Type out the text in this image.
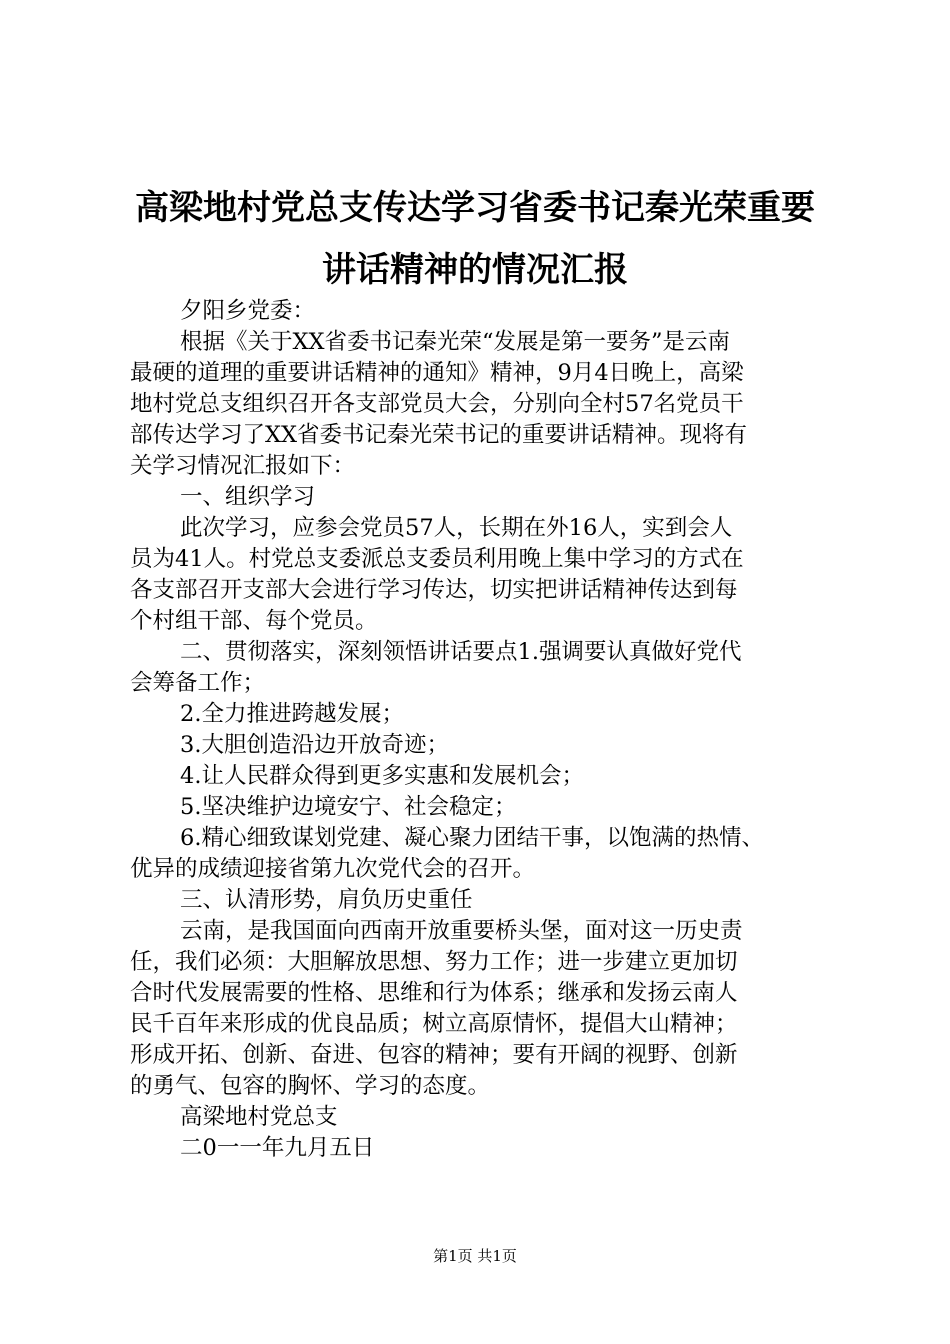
高梁地村党总支传达学习省委书记秦光荣重要
讲话精神的情况汇报
夕阳乡党委：
根据《关于XX省委书记秦光荣“发展是第一要务”是云南
最硬的道理的重要讲话精神的通知》精神，9月4日晚上，高梁
地村党总支组织召开各支部党员大会，分别向全村57名党员干
部传达学习了XX省委书记秦光荣书记的重要讲话精神。现将有
关学习情况汇报如下：
一、组织学习
此次学习，应参会党员57人，长期在外16人，实到会人
员为41人。村党总支委派总支委员利用晚上集中学习的方式在
各支部召开支部大会进行学习传达，切实把讲话精神传达到每
个村组干部、每个党员。
二、贯彻落实，深刻领悟讲话要点1.强调要认真做好党代
会筹备工作；
2.全力推进跨越发展；
3.大胆创造沿边开放奇迹；
4.让人民群众得到更多实惠和发展机会；
5.坚决维护边境安宁、社会稳定；
6.精心细致谋划党建、凝心聚力团结干事，以饱满的热情、
优异的成绩迎接省第九次党代会的召开。
三、认清形势，肩负历史重任
云南，是我国面向西南开放重要桥头堡，面对这一历史责
任，我们必须：大胆解放思想、努力工作；进一步建立更加切
合时代发展需要的性格、思维和行为体系；继承和发扬云南人
民千百年来形成的优良品质；树立高原情怀，提倡大山精神；
形成开拓、创新、奋进、包容的精神；要有开阔的视野、创新
的勇气、包容的胸怀、学习的态度。
高梁地村党总支
二0一一年九月五日
第1页 共1页
